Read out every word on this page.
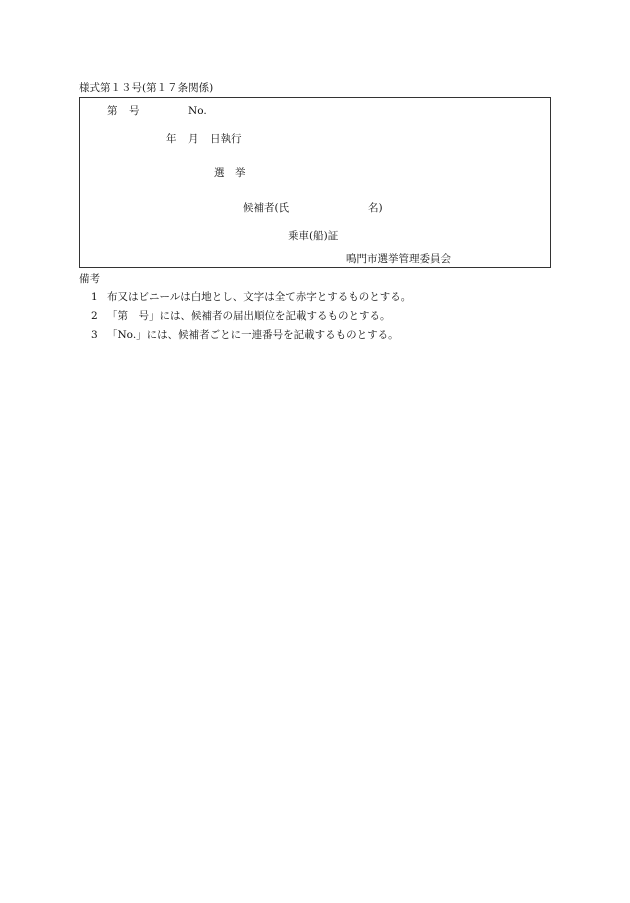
様式第１３号(第１７条関係)
第 号	No.
年 月 日執行
選　挙
候補者(氏	名)
乗車(船)証
鳴門市選挙管理委員会
備考
1 布又はビニールは白地とし、文字は全て赤字とするものとする。
2 「第　号」には、候補者の届出順位を記載するものとする。
3 「No.」には、候補者ごとに一連番号を記載するものとする。
